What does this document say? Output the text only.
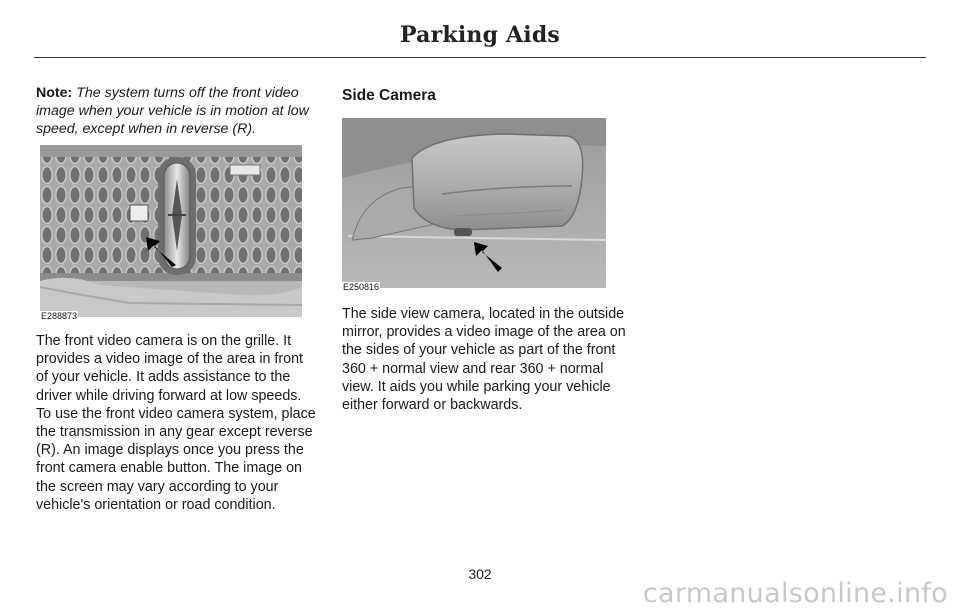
Parking Aids

Note: The system turns off the front video image when your vehicle is in motion at low speed, except when in reverse (R).

E288873

The front video camera is on the grille. It provides a video image of the area in front of your vehicle. It adds assistance to the driver while driving forward at low speeds. To use the front video camera system, place the transmission in any gear except reverse (R). An image displays once you press the front camera enable button. The image on the screen may vary according to your vehicle's orientation or road condition.

Side Camera
E250816

The side view camera, located in the outside mirror, provides a video image of the area on the sides of your vehicle as part of the front 360 + normal view and rear 360 + normal view. It aids you while parking your vehicle either forward or backwards.

302
carmanualsonline.info
